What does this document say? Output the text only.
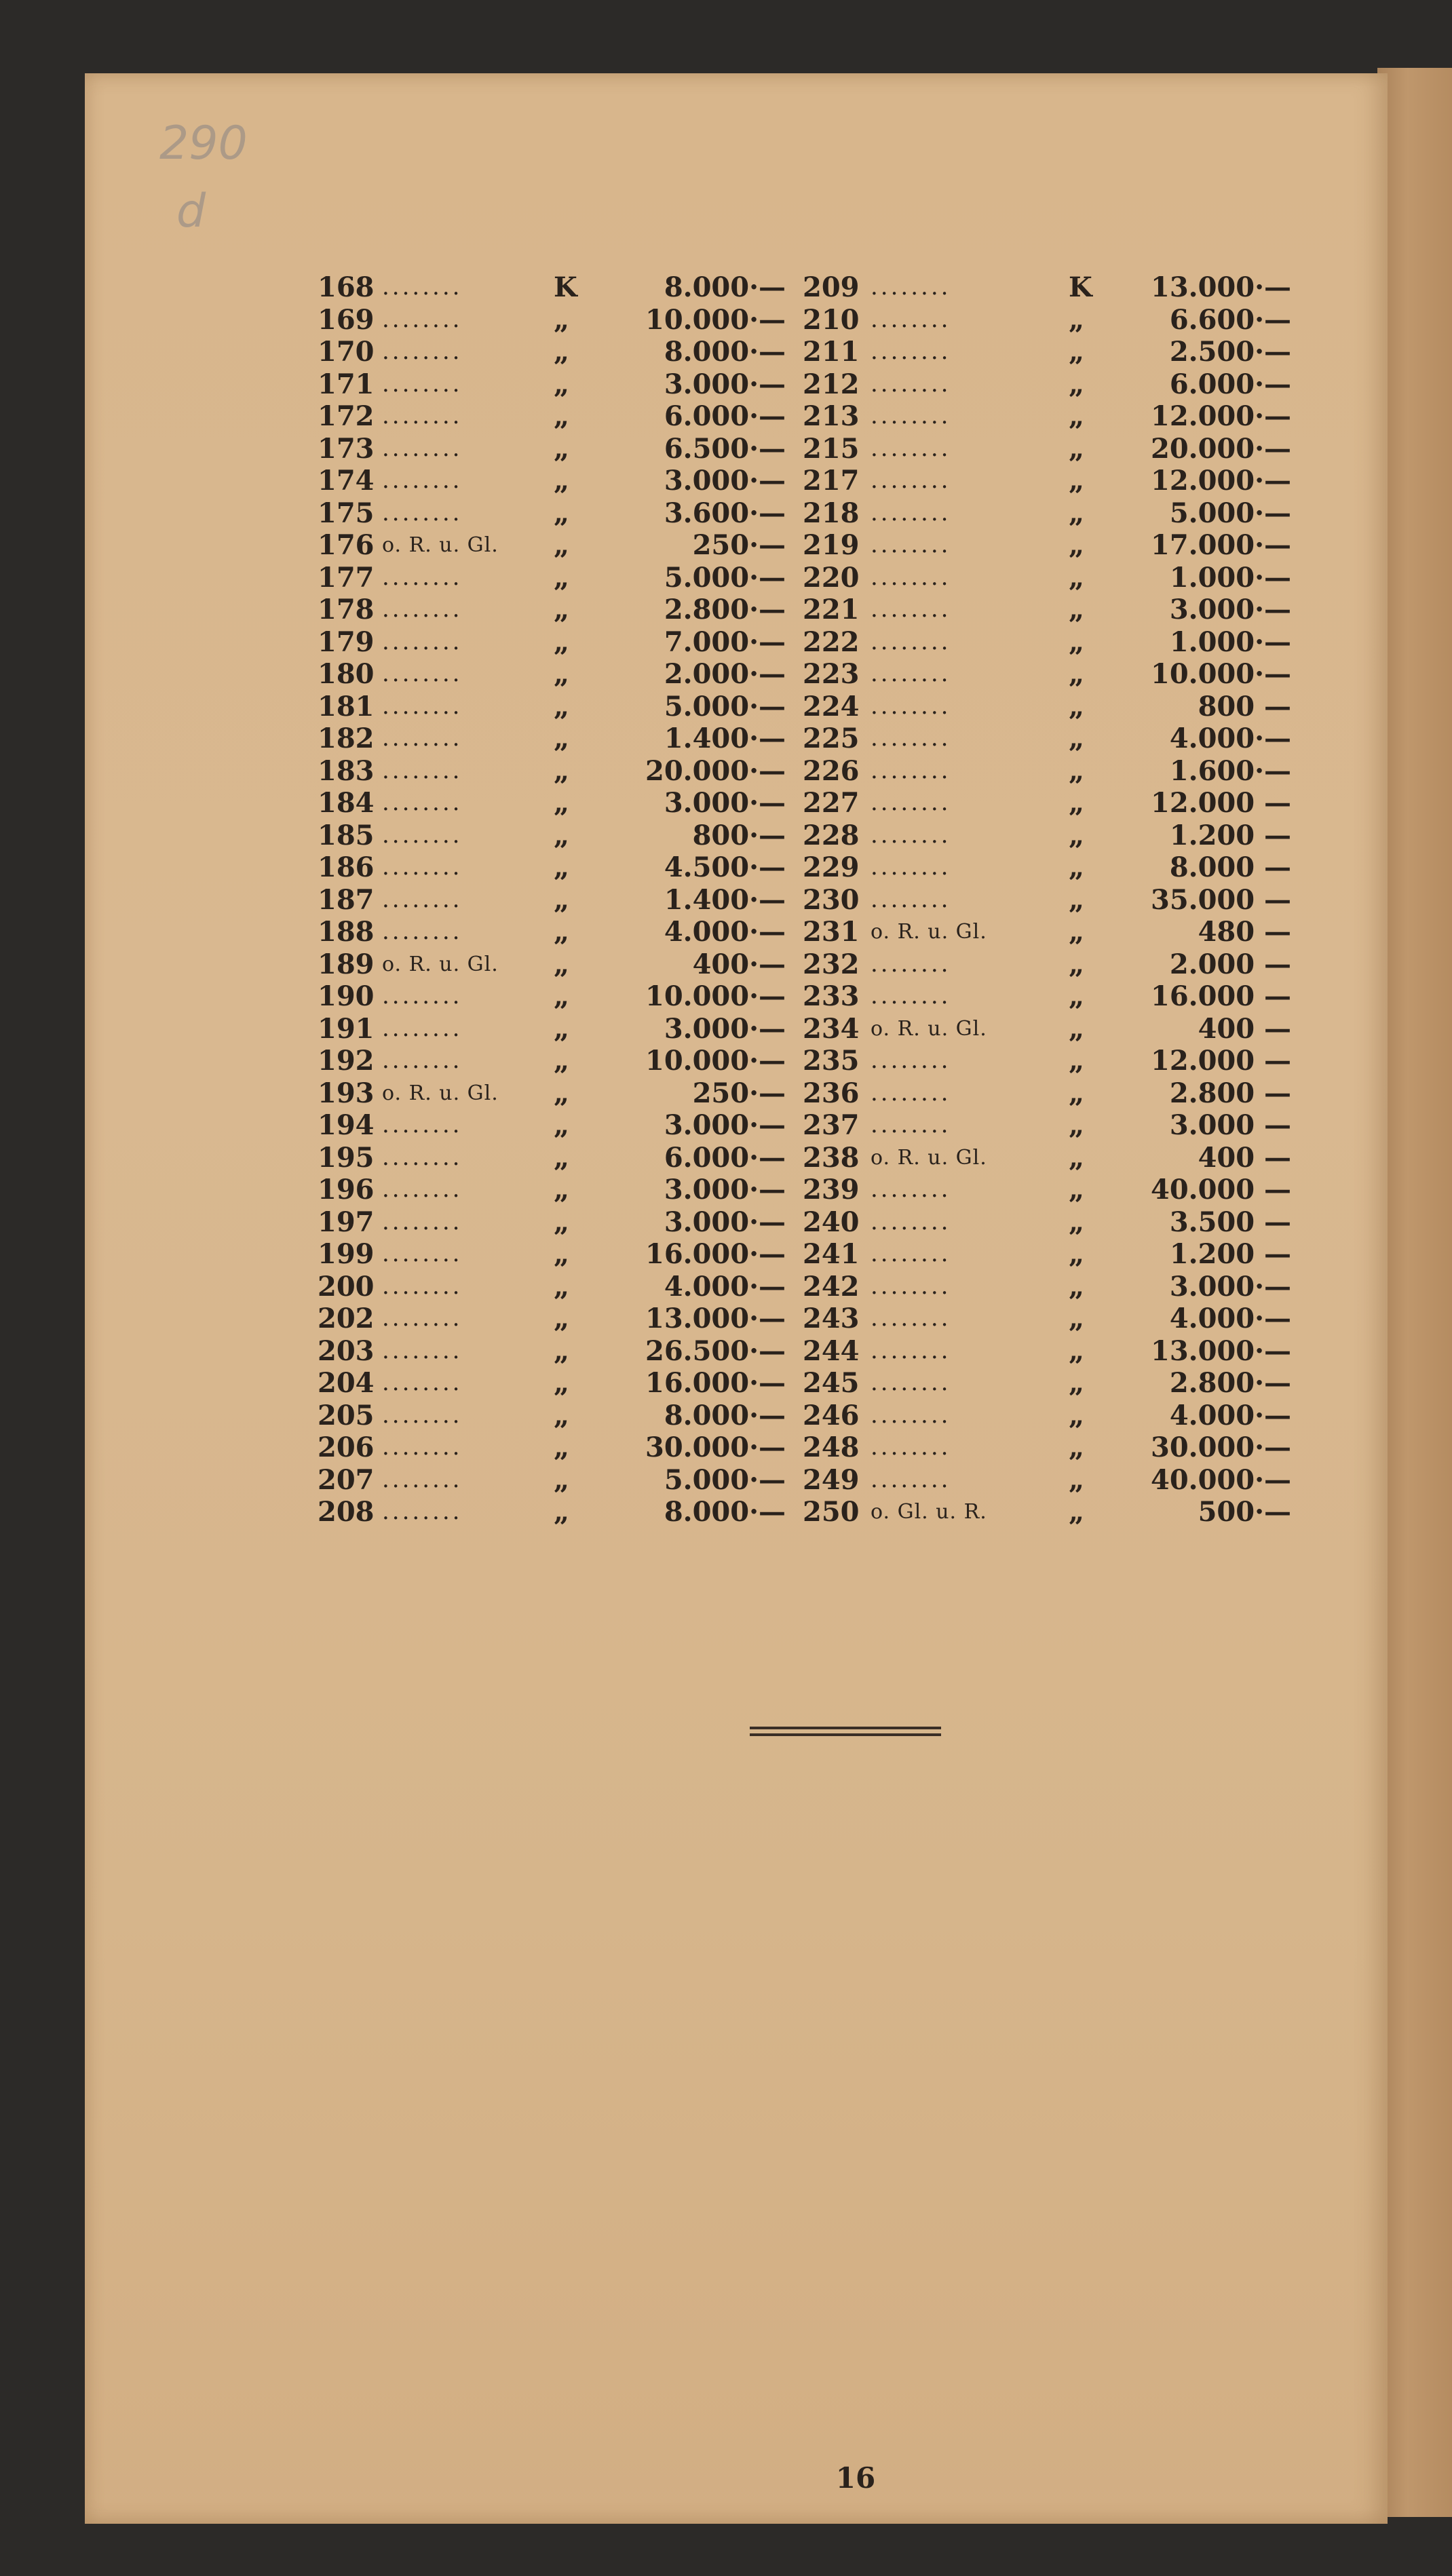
290
d
168 ........	K	8.000·—
169 ........	„	10.000·—
170 ........	„	8.000·—
171 ........	„	3.000·—
172 ........	„	6.000·—
173 ........	„	6.500·—
174 ........	„	3.000·—
175 ........	„	3.600·—
176 o. R. u. Gl. „	250·—
177 ........	„	5.000·—
178 ........	„	2.800·—
179 ........	„	7.000·—
180 ........	„	2.000·—
181 ........	„	5.000·—
182 ........	„	1.400·—
183 ........	„	20.000·—
184 ........	„	3.000·—
185 ........	„	800·—
186 ........	„	4.500·—
187 ........	„	1.400·—
188 ........	„	4.000·—
189 o. R. u. Gl. „	400·—
190 ........	„	10.000·—
191 ........	„	3.000·—
192 ........	„	10.000·—
193 o. R. u. Gl. „	250·—
194 ........	„	3.000·—
195 ........	„	6.000·—
196 ........	„	3.000·—
197 ........	„	3.000·—
199 ........	„	16.000·—
200 ........	„	4.000·—
202 ........	„	13.000·—
203 ........	„	26.500·—
204 ........	„	16.000·—
205 ........	„	8.000·—
206 ........	„	30.000·—
207 ........	„	5.000·—
208 ........	„	8.000·—
209 ........	K 13.000·—
210 ........	„	6.600·—
211 ........	„	2.500·—
212 ........	„	6.000·—
213 ........	„ 12.000·—
215 ........	„ 20.000·—
217 ........	„ 12.000·—
218 ........	„	5.000·—
219 ........	„ 17.000·—
220 ........	„	1.000·—
221 ........	„	3.000·—
222 ........	„	1.000·—
223 ........	„ 10.000·—
224 ........	„	800 —
225 ........	„	4.000·—
226 ........	„	1.600·—
227 ........	„ 12.000 —
228 ........	„	1.200 —
229 ........	„	8.000 —
230 ........	„ 35.000 —
231 o. R. u. Gl.	„	480 —
232 ........	„	2.000 —
233 ........	„ 16.000 —
234 o. R. u. Gl.	„	400 —
235 ........	„ 12.000 —
236 ........	„	2.800 —
237 ........	„	3.000 —
238 o. R. u. Gl.	„	400 —
239 ........	„ 40.000 —
240 ........	„	3.500 —
241 ........	„	1.200 —
242 ........	„	3.000·—
243 ........	„	4.000·—
244 ........	„ 13.000·—
245 ........	„	2.800·—
246 ........	„	4.000·—
248 ........	„ 30.000·—
249 ........	„ 40.000·—
250 o. Gl. u. R.	„	500·—
16
